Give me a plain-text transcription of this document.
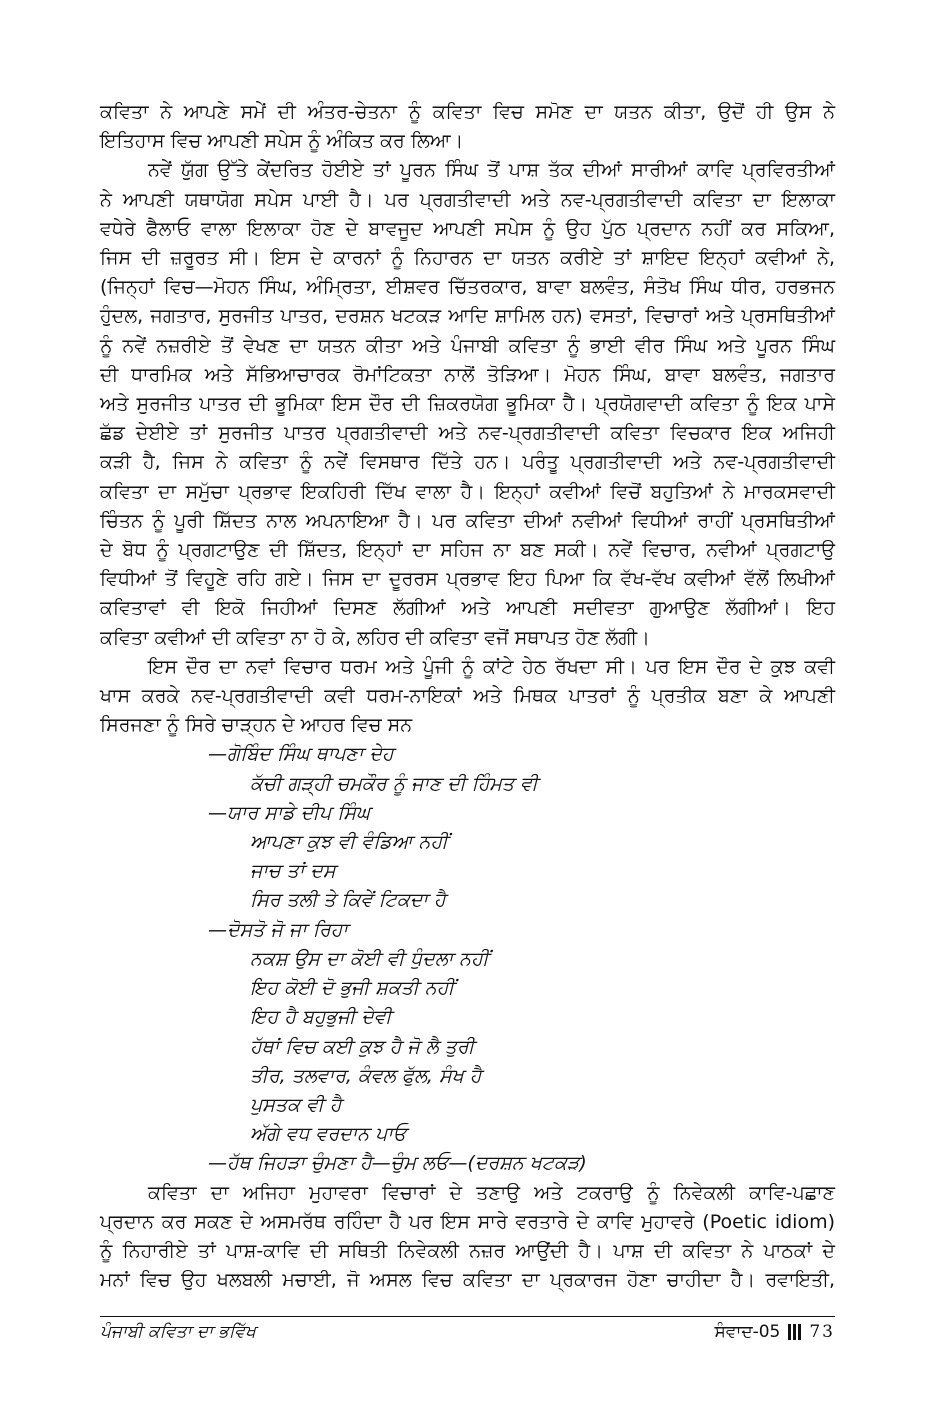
ਕਵਿਤਾ ਨੇ ਆਪਣੇ ਸਮੇਂ ਦੀ ਅੰਤਰ-ਚੇਤਨਾ ਨੂੰ ਕਵਿਤਾ ਵਿਚ ਸਮੋਣ ਦਾ ਯਤਨ ਕੀਤਾ, ਉਦੋਂ ਹੀ ਉਸ ਨੇ
ਇਤਿਹਾਸ ਵਿਚ ਆਪਣੀ ਸਪੇਸ ਨੂੰ ਅੰਕਿਤ ਕਰ ਲਿਆ।
ਨਵੇਂ ਯੁੱਗ ਉੱਤੇ ਕੇਂਦਰਿਤ ਹੋਈਏ ਤਾਂ ਪੂਰਨ ਸਿੰਘ ਤੋਂ ਪਾਸ਼ ਤੱਕ ਦੀਆਂ ਸਾਰੀਆਂ ਕਾਵਿ ਪ੍ਰਵਿਰਤੀਆਂ
ਨੇ ਆਪਣੀ ਯਥਾਯੋਗ ਸਪੇਸ ਪਾਈ ਹੈ। ਪਰ ਪ੍ਰਗਤੀਵਾਦੀ ਅਤੇ ਨਵ-ਪ੍ਰਗਤੀਵਾਦੀ ਕਵਿਤਾ ਦਾ ਇਲਾਕਾ
ਵਧੇਰੇ ਫੈਲਾਓ ਵਾਲਾ ਇਲਾਕਾ ਹੋਣ ਦੇ ਬਾਵਜੂਦ ਆਪਣੀ ਸਪੇਸ ਨੂੰ ਉਹ ਪੁੱਠ ਪ੍ਰਦਾਨ ਨਹੀਂ ਕਰ ਸਕਿਆ,
ਜਿਸ ਦੀ ਜ਼ਰੂਰਤ ਸੀ। ਇਸ ਦੇ ਕਾਰਨਾਂ ਨੂੰ ਨਿਹਾਰਨ ਦਾ ਯਤਨ ਕਰੀਏ ਤਾਂ ਸ਼ਾਇਦ ਇਨ੍ਹਾਂ ਕਵੀਆਂ ਨੇ,
(ਜਿਨ੍ਹਾਂ ਵਿਚ—ਮੋਹਨ ਸਿੰਘ, ਅੰਮ੍ਰਿਤਾ, ਈਸ਼ਵਰ ਚਿੱਤਰਕਾਰ, ਬਾਵਾ ਬਲਵੰਤ, ਸੰਤੋਖ ਸਿੰਘ ਧੀਰ, ਹਰਭਜਨ
ਹੁੰਦਲ, ਜਗਤਾਰ, ਸੁਰਜੀਤ ਪਾਤਰ, ਦਰਸ਼ਨ ਖਟਕੜ ਆਦਿ ਸ਼ਾਮਿਲ ਹਨ) ਵਸਤਾਂ, ਵਿਚਾਰਾਂ ਅਤੇ ਪ੍ਰਸਥਿਤੀਆਂ
ਨੂੰ ਨਵੇਂ ਨਜ਼ਰੀਏ ਤੋਂ ਵੇਖਣ ਦਾ ਯਤਨ ਕੀਤਾ ਅਤੇ ਪੰਜਾਬੀ ਕਵਿਤਾ ਨੂੰ ਭਾਈ ਵੀਰ ਸਿੰਘ ਅਤੇ ਪੂਰਨ ਸਿੰਘ
ਦੀ ਧਾਰਮਿਕ ਅਤੇ ਸੱਭਿਆਚਾਰਕ ਰੋਮਾਂਟਿਕਤਾ ਨਾਲੋਂ ਤੋੜਿਆ। ਮੋਹਨ ਸਿੰਘ, ਬਾਵਾ ਬਲਵੰਤ, ਜਗਤਾਰ
ਅਤੇ ਸੁਰਜੀਤ ਪਾਤਰ ਦੀ ਭੂਮਿਕਾ ਇਸ ਦੌਰ ਦੀ ਜ਼ਿਕਰਯੋਗ ਭੂਮਿਕਾ ਹੈ। ਪ੍ਰਯੋਗਵਾਦੀ ਕਵਿਤਾ ਨੂੰ ਇਕ ਪਾਸੇ
ਛੱਡ ਦੇਈਏ ਤਾਂ ਸੁਰਜੀਤ ਪਾਤਰ ਪ੍ਰਗਤੀਵਾਦੀ ਅਤੇ ਨਵ-ਪ੍ਰਗਤੀਵਾਦੀ ਕਵਿਤਾ ਵਿਚਕਾਰ ਇਕ ਅਜਿਹੀ
ਕੜੀ ਹੈ, ਜਿਸ ਨੇ ਕਵਿਤਾ ਨੂੰ ਨਵੇਂ ਵਿਸਥਾਰ ਦਿੱਤੇ ਹਨ। ਪਰੰਤੂ ਪ੍ਰਗਤੀਵਾਦੀ ਅਤੇ ਨਵ-ਪ੍ਰਗਤੀਵਾਦੀ
ਕਵਿਤਾ ਦਾ ਸਮੁੱਚਾ ਪ੍ਰਭਾਵ ਇਕਹਿਰੀ ਦਿੱਖ ਵਾਲਾ ਹੈ। ਇਨ੍ਹਾਂ ਕਵੀਆਂ ਵਿਚੋਂ ਬਹੁਤਿਆਂ ਨੇ ਮਾਰਕਸਵਾਦੀ
ਚਿੰਤਨ ਨੂੰ ਪੂਰੀ ਸ਼ਿੱਦਤ ਨਾਲ ਅਪਨਾਇਆ ਹੈ। ਪਰ ਕਵਿਤਾ ਦੀਆਂ ਨਵੀਆਂ ਵਿਧੀਆਂ ਰਾਹੀਂ ਪ੍ਰਸਥਿਤੀਆਂ
ਦੇ ਬੋਧ ਨੂੰ ਪ੍ਰਗਟਾਉਣ ਦੀ ਸ਼ਿੱਦਤ, ਇਨ੍ਹਾਂ ਦਾ ਸਹਿਜ ਨਾ ਬਣ ਸਕੀ। ਨਵੇਂ ਵਿਚਾਰ, ਨਵੀਆਂ ਪ੍ਰਗਟਾਉ
ਵਿਧੀਆਂ ਤੋਂ ਵਿਹੂਣੇ ਰਹਿ ਗਏ। ਜਿਸ ਦਾ ਦੂਰਰਸ ਪ੍ਰਭਾਵ ਇਹ ਪਿਆ ਕਿ ਵੱਖ-ਵੱਖ ਕਵੀਆਂ ਵੱਲੋਂ ਲਿਖੀਆਂ
ਕਵਿਤਾਵਾਂ ਵੀ ਇਕੋ ਜਿਹੀਆਂ ਦਿਸਣ ਲੱਗੀਆਂ ਅਤੇ ਆਪਣੀ ਸਦੀਵਤਾ ਗੁਆਉਣ ਲੱਗੀਆਂ। ਇਹ
ਕਵਿਤਾ ਕਵੀਆਂ ਦੀ ਕਵਿਤਾ ਨਾ ਹੋ ਕੇ, ਲਹਿਰ ਦੀ ਕਵਿਤਾ ਵਜੋਂ ਸਥਾਪਤ ਹੋਣ ਲੱਗੀ।
ਇਸ ਦੌਰ ਦਾ ਨਵਾਂ ਵਿਚਾਰ ਧਰਮ ਅਤੇ ਪੂੰਜੀ ਨੂੰ ਕਾਂਟੇ ਹੇਠ ਰੱਖਦਾ ਸੀ। ਪਰ ਇਸ ਦੌਰ ਦੇ ਕੁਝ ਕਵੀ
ਖਾਸ ਕਰਕੇ ਨਵ-ਪ੍ਰਗਤੀਵਾਦੀ ਕਵੀ ਧਰਮ-ਨਾਇਕਾਂ ਅਤੇ ਮਿਥਕ ਪਾਤਰਾਂ ਨੂੰ ਪ੍ਰਤੀਕ ਬਣਾ ਕੇ ਆਪਣੀ
ਸਿਰਜਣਾ ਨੂੰ ਸਿਰੇ ਚਾੜ੍ਹਨ ਦੇ ਆਹਰ ਵਿਚ ਸਨ
—ਗੋਬਿੰਦ ਸਿੰਘ ਥਾਪਣਾ ਦੇਹ
ਕੱਚੀ ਗੜ੍ਹੀ ਚਮਕੌਰ ਨੂੰ ਜਾਣ ਦੀ ਹਿੰਮਤ ਵੀ
—ਯਾਰ ਸਾਡੇ ਦੀਪ ਸਿੰਘ
ਆਪਣਾ ਕੁਝ ਵੀ ਵੰਡਿਆ ਨਹੀਂ
ਜਾਚ ਤਾਂ ਦਸ
ਸਿਰ ਤਲੀ ਤੇ ਕਿਵੇਂ ਟਿਕਦਾ ਹੈ
—ਦੋਸਤੋ ਜੋ ਜਾ ਰਿਹਾ
ਨਕਸ਼ ਉਸ ਦਾ ਕੋਈ ਵੀ ਧੁੰਦਲਾ ਨਹੀਂ
ਇਹ ਕੋਈ ਦੋ ਭੁਜੀ ਸ਼ਕਤੀ ਨਹੀਂ
ਇਹ ਹੈ ਬਹੁਭੁਜੀ ਦੇਵੀ
ਹੱਥਾਂ ਵਿਚ ਕਈ ਕੁਝ ਹੈ ਜੋ ਲੈ ਤੁਰੀ
ਤੀਰ, ਤਲਵਾਰ, ਕੰਵਲ ਫੁੱਲ, ਸੰਖ ਹੈ
ਪੁਸਤਕ ਵੀ ਹੈ
ਅੱਗੇ ਵਧ ਵਰਦਾਨ ਪਾਓ
—ਹੱਥ ਜਿਹੜਾ ਚੁੰਮਣਾ ਹੈ—ਚੁੰਮ ਲਓ—(ਦਰਸ਼ਨ ਖਟਕੜ)
ਕਵਿਤਾ ਦਾ ਅਜਿਹਾ ਮੁਹਾਵਰਾ ਵਿਚਾਰਾਂ ਦੇ ਤਣਾਉ ਅਤੇ ਟਕਰਾਉ ਨੂੰ ਨਿਵੇਕਲੀ ਕਾਵਿ-ਪਛਾਣ
ਪ੍ਰਦਾਨ ਕਰ ਸਕਣ ਦੇ ਅਸਮਰੱਥ ਰਹਿੰਦਾ ਹੈ ਪਰ ਇਸ ਸਾਰੇ ਵਰਤਾਰੇ ਦੇ ਕਾਵਿ ਮੁਹਾਵਰੇ (Poetic idiom)
ਨੂੰ ਨਿਹਾਰੀਏ ਤਾਂ ਪਾਸ਼-ਕਾਵਿ ਦੀ ਸਥਿਤੀ ਨਿਵੇਕਲੀ ਨਜ਼ਰ ਆਉਂਦੀ ਹੈ। ਪਾਸ਼ ਦੀ ਕਵਿਤਾ ਨੇ ਪਾਠਕਾਂ ਦੇ
ਮਨਾਂ ਵਿਚ ਉਹ ਖਲਬਲੀ ਮਚਾਈ, ਜੋ ਅਸਲ ਵਿਚ ਕਵਿਤਾ ਦਾ ਪ੍ਰਕਾਰਜ ਹੋਣਾ ਚਾਹੀਦਾ ਹੈ। ਰਵਾਇਤੀ,
ਪੰਜਾਬੀ ਕਵਿਤਾ ਦਾ ਭਵਿੱਖ	ਸੰਵਾਦ-05 73
